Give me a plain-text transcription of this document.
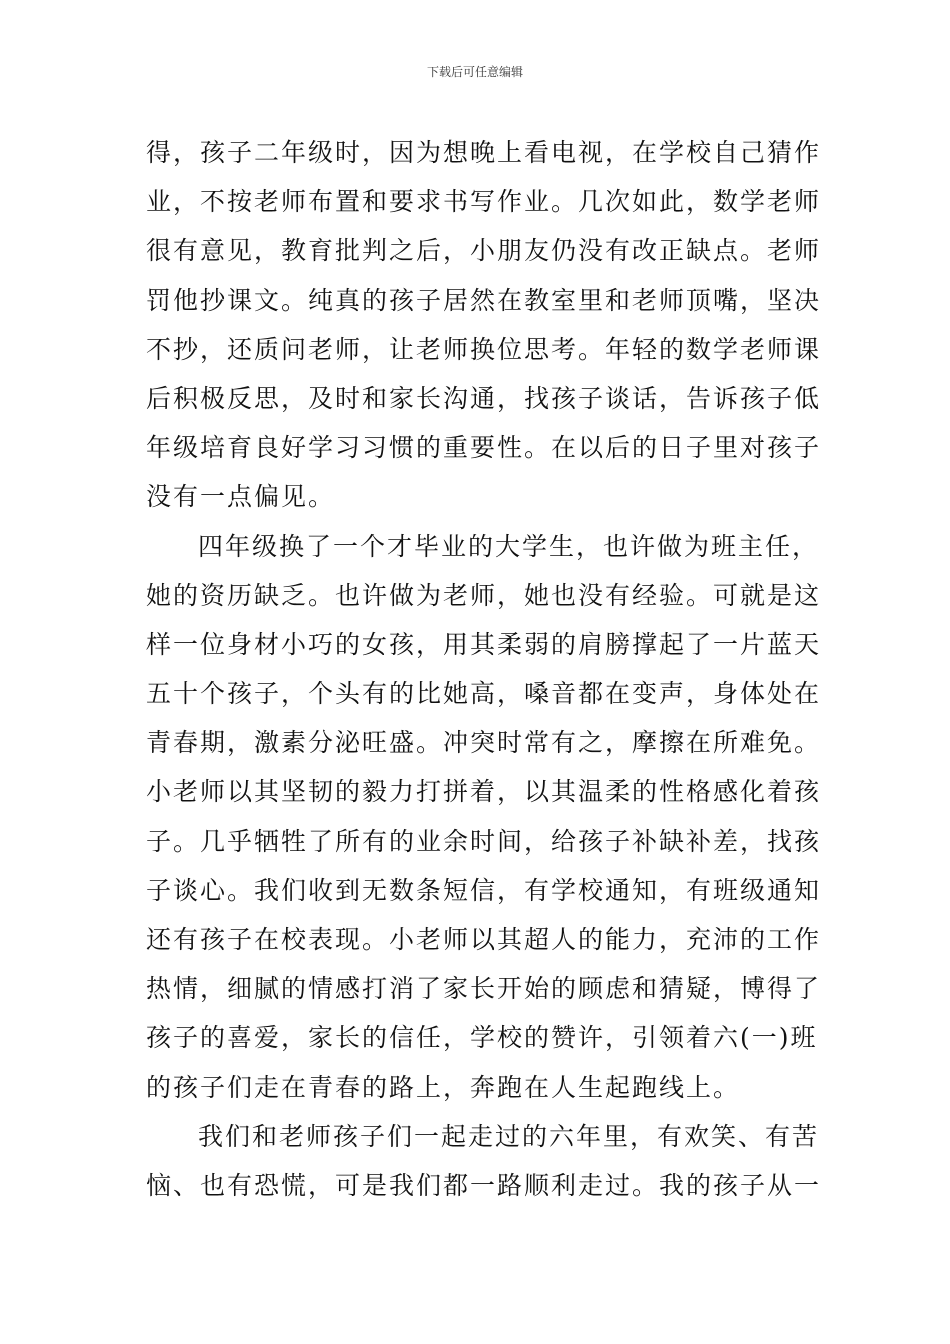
下载后可任意编辑
得，孩子二年级时，因为想晚上看电视，在学校自己猜作
业，不按老师布置和要求书写作业。几次如此，数学老师
很有意见，教育批判之后，小朋友仍没有改正缺点。老师
罚他抄课文。纯真的孩子居然在教室里和老师顶嘴，坚决
不抄，还质问老师，让老师换位思考。年轻的数学老师课
后积极反思，及时和家长沟通，找孩子谈话，告诉孩子低
年级培育良好学习习惯的重要性。在以后的日子里对孩子
没有一点偏见。
四年级换了一个才毕业的大学生，也许做为班主任，
她的资历缺乏。也许做为老师，她也没有经验。可就是这
样一位身材小巧的女孩，用其柔弱的肩膀撑起了一片蓝天
五十个孩子，个头有的比她高，嗓音都在变声，身体处在
青春期，激素分泌旺盛。冲突时常有之，摩擦在所难免。
小老师以其坚韧的毅力打拼着，以其温柔的性格感化着孩
子。几乎牺牲了所有的业余时间，给孩子补缺补差，找孩
子谈心。我们收到无数条短信，有学校通知，有班级通知
还有孩子在校表现。小老师以其超人的能力，充沛的工作
热情，细腻的情感打消了家长开始的顾虑和猜疑，博得了
孩子的喜爱，家长的信任，学校的赞许，引领着六(一)班
的孩子们走在青春的路上，奔跑在人生起跑线上。
我们和老师孩子们一起走过的六年里，有欢笑、有苦
恼、也有恐慌，可是我们都一路顺利走过。我的孩子从一
